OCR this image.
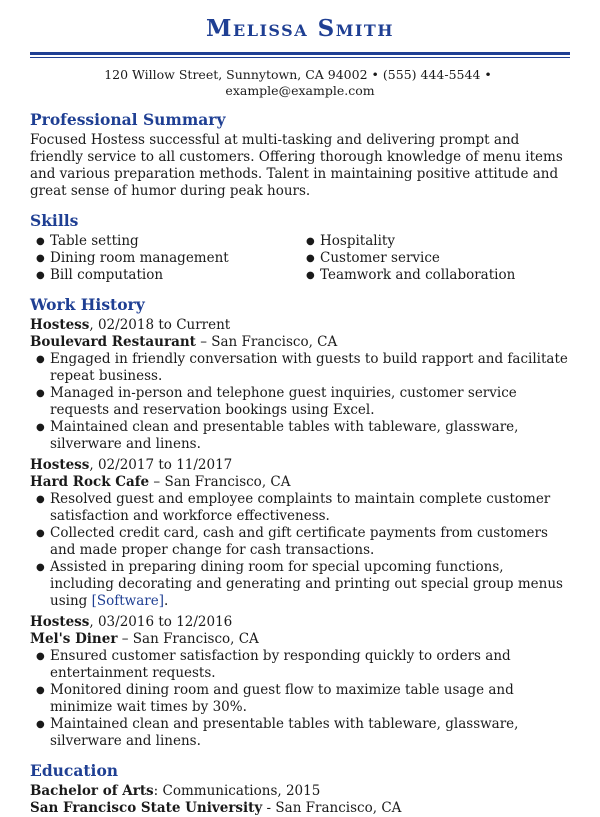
Melissa Smith
120 Willow Street, Sunnytown, CA 94002 • (555) 444-5544 •example@example.com
Professional Summary

Focused Hostess successful at multi-tasking and delivering prompt and friendly service to all customers. Offering thorough knowledge of menu items and various preparation methods. Talent in maintaining positive attitude and great sense of humor during peak hours.

Skills
● Table setting
● Dining room management
● Bill computation
● Hospitality
● Customer service
● Teamwork and collaboration
Work History
Hostess, 02/2018 to Current
Boulevard Restaurant – San Francisco, CA
● Engaged in friendly conversation with guests to build rapport and facilitate repeat business.
● Managed in-person and telephone guest inquiries, customer service requests and reservation bookings using Excel.
● Maintained clean and presentable tables with tableware, glassware, silverware and linens.
Hostess, 02/2017 to 11/2017
Hard Rock Cafe – San Francisco, CA
● Resolved guest and employee complaints to maintain complete customer satisfaction and workforce effectiveness.
● Collected credit card, cash and gift certificate payments from customers and made proper change for cash transactions.
● Assisted in preparing dining room for special upcoming functions, including decorating and generating and printing out special group menus using [Software].
Hostess, 03/2016 to 12/2016
Mel's Diner – San Francisco, CA
● Ensured customer satisfaction by responding quickly to orders and entertainment requests.
● Monitored dining room and guest flow to maximize table usage and minimize wait times by 30%.
● Maintained clean and presentable tables with tableware, glassware, silverware and linens.
Education
Bachelor of Arts: Communications, 2015
San Francisco State University - San Francisco, CA
